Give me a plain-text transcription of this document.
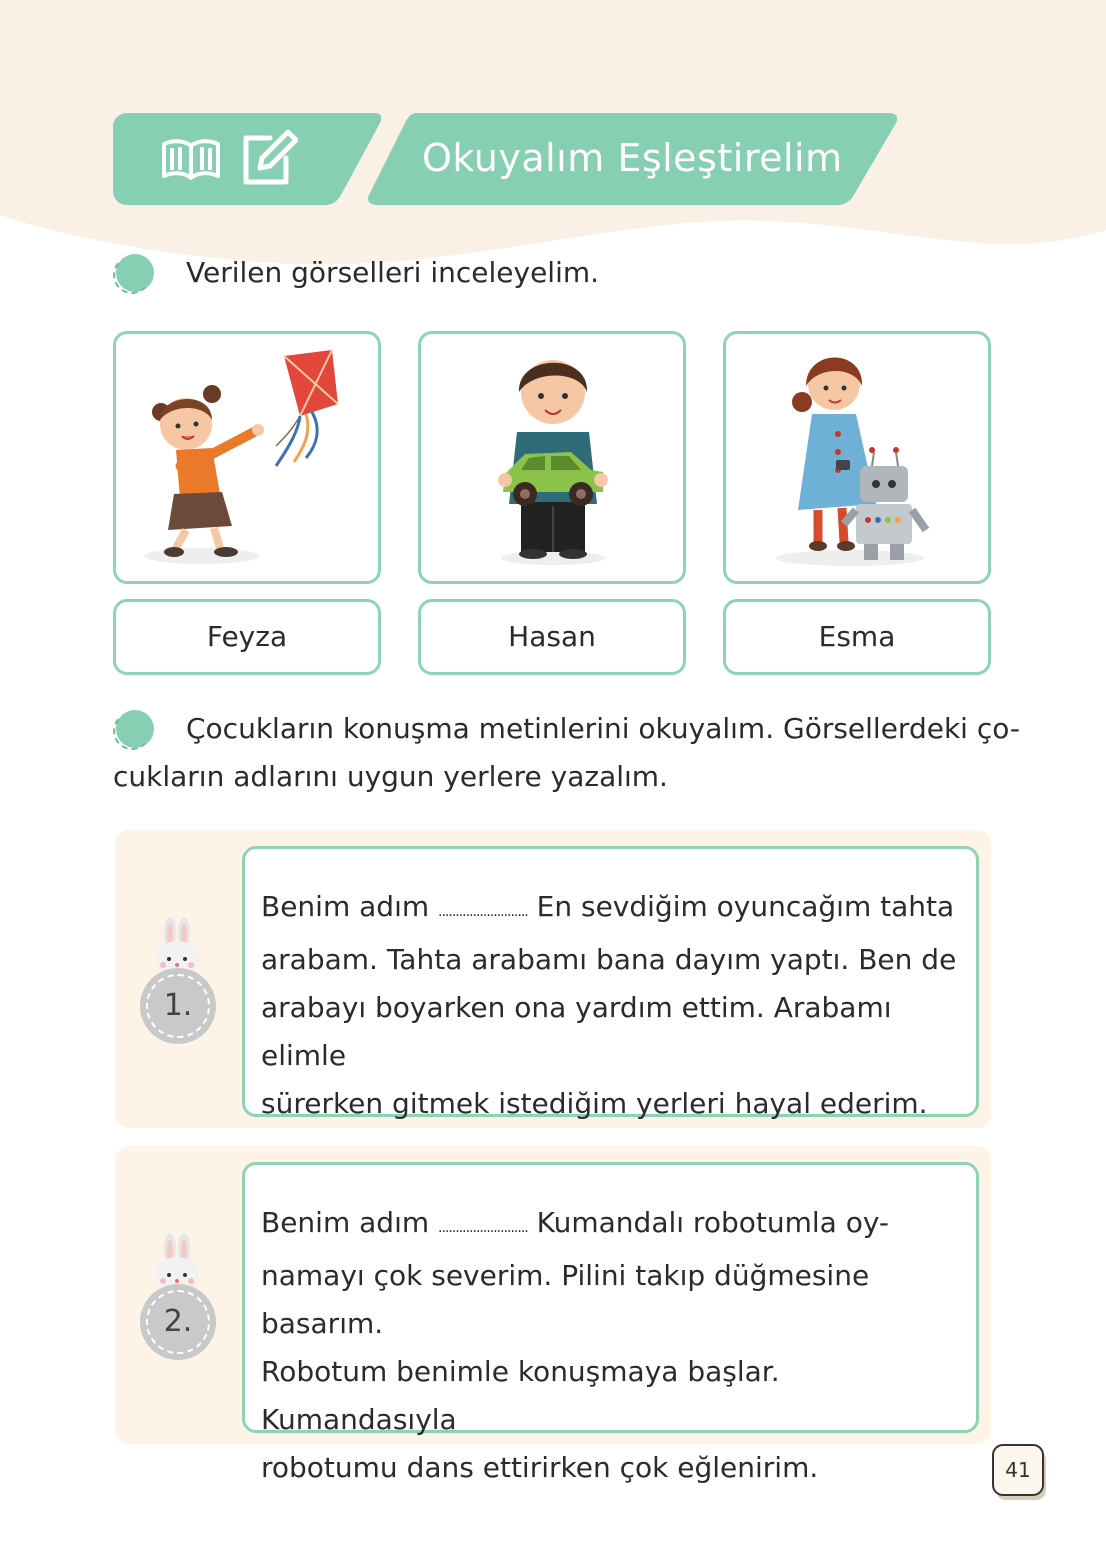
Okuyalım Eşleştirelim
Verilen görselleri inceleyelim.
Feyza	Hasan	Esma
Çocukların konuşma metinlerini okuyalım. Görsellerdeki ço-
cukların adlarını uygun yerlere yazalım.
1.
Benim adım .......................... En sevdiğim oyuncağım tahta
arabam. Tahta arabamı bana dayım yaptı. Ben de
arabayı boyarken ona yardım ettim. Arabamı elimle
sürerken gitmek istediğim yerleri hayal ederim.
2.
Benim adım .......................... Kumandalı robotumla oy-
namayı çok severim. Pilini takıp düğmesine basarım.
Robotum benimle konuşmaya başlar. Kumandasıyla
robotumu dans ettirirken çok eğlenirim.	41
